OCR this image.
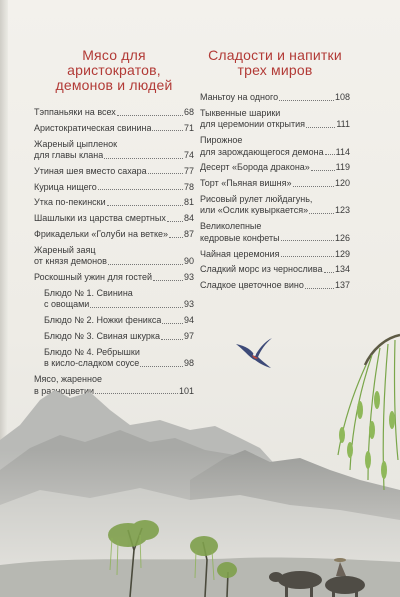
Мясо для аристократов,
демонов и людей
Тэппаньяки на всех	68
Аристократическая свинина	71
Жареный цыпленок
для главы клана	74
Утиная шея вместо сахара	77
Курица нищего	78
Утка по-пекински	81
Шашлыки из царства смертных 84
Фрикадельки «Голуби на ветке» 87
Жареный заяц
от князя демонов	90
Роскошный ужин для гостей	93
Блюдо № 1. Свинина
с овощами	93
Блюдо № 2. Ножки феникса	94
Блюдо № 3. Свиная шкурка	97
Блюдо № 4. Ребрышки
в кисло-сладком соусе	98
Мясо, жаренное
в разноцветии	101
Сладости и напитки
трех миров
Маньтоу на одного	108
Тыквенные шарики
для церемонии открытия	111
Пирожное
для зарождающегося демона 114
Десерт «Борода дракона»	119
Торт «Пьяная вишня»	120
Рисовый рулет люйдагунь,
или «Ослик кувыркается»	123
Великолепные
кедровые конфеты	126
Чайная церемония	129
Сладкий морс из чернослива 134
Сладкое цветочное вино	137
